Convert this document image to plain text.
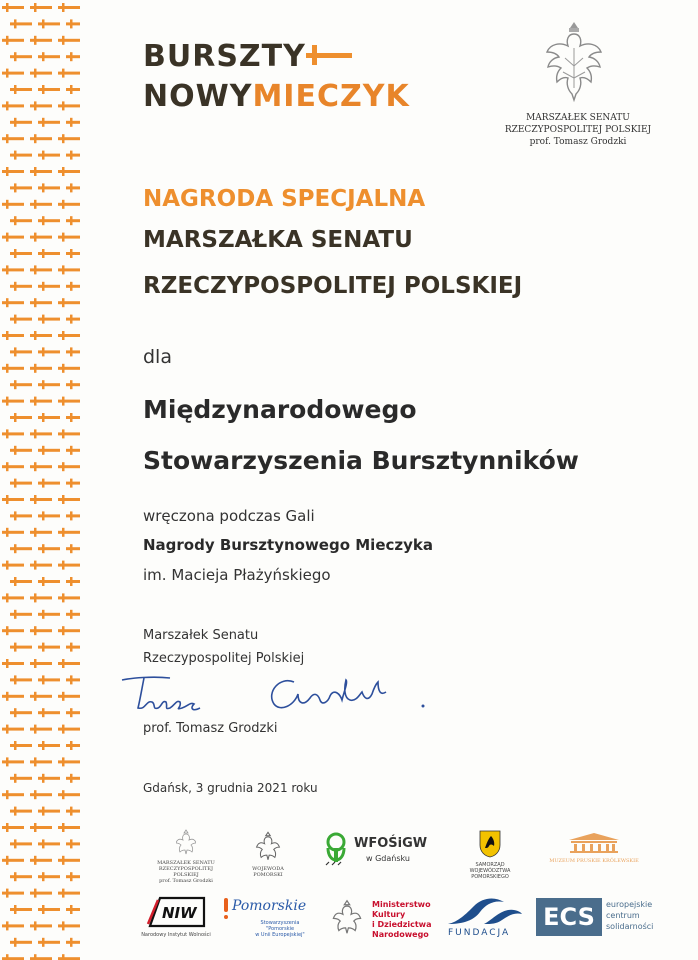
BURSZTY
NOWYMIECZYK
MARSZAŁEK SENATU
RZECZYPOSPOLITEJ POLSKIEJ
prof. Tomasz Grodzki
NAGRODA SPECJALNA
MARSZAŁKA SENATU
RZECZYPOSPOLITEJ POLSKIEJ
dla
Międzynarodowego
Stowarzyszenia Bursztynników
wręczona podczas Gali
Nagrody Bursztynowego Mieczyka
im. Macieja Płażyńskiego
Marszałek Senatu
Rzeczypospolitej Polskiej
prof. Tomasz Grodzki
Gdańsk, 3 grudnia 2021 roku
MARSZAŁEK SENATU
RZECZYPOSPOLITEJ POLSKIEJ
prof. Tomasz Grodzki
WOJEWODA POMORSKI
WFOŚiGW
w Gdańsku
SAMORZĄD
WOJEWÓDZTWA POMORSKIEGO
MUZEUM PRUSKIE KRÓLEWSKIE
NIW
Narodowy Instytut Wolności
Pomorskie
Stowarzyszenia
"Pomorskie
w Unii Europejskiej"
Ministerstwo
Kultury
i Dziedzictwa
Narodowego FUNDACJA
ECS	europejskie
centrum
solidarności
